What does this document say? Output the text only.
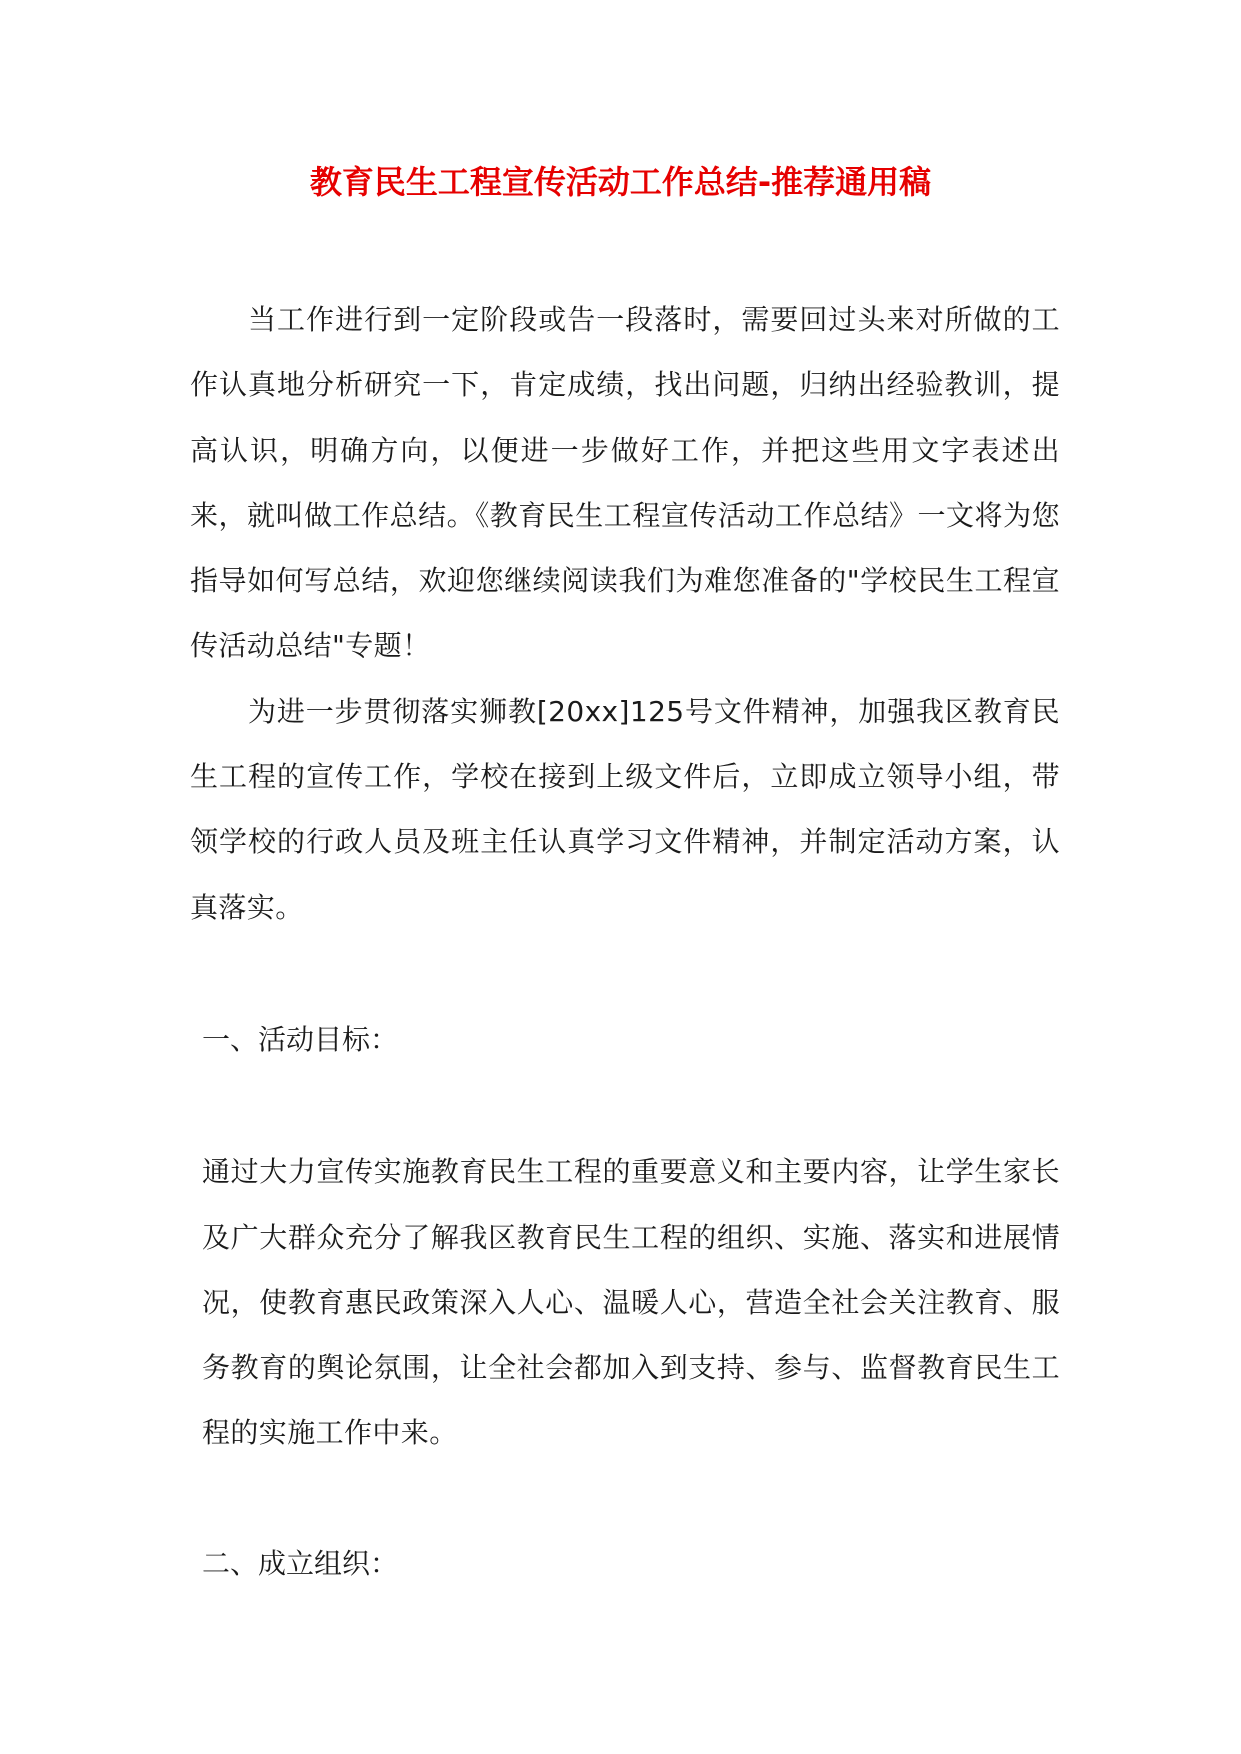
教育民生工程宣传活动工作总结-推荐通用稿

当工作进行到一定阶段或告一段落时，需要回过头来对所做的工作认真地分析研究一下，肯定成绩，找出问题，归纳出经验教训，提高认识，明确方向，以便进一步做好工作，并把这些用文字表述出来，就叫做工作总结。《教育民生工程宣传活动工作总结》一文将为您指导如何写总结，欢迎您继续阅读我们为难您准备的"学校民生工程宣传活动总结"专题！

为进一步贯彻落实狮教[20xx]125号文件精神，加强我区教育民生工程的宣传工作，学校在接到上级文件后，立即成立领导小组，带领学校的行政人员及班主任认真学习文件精神，并制定活动方案，认真落实。

一、活动目标：

通过大力宣传实施教育民生工程的重要意义和主要内容，让学生家长及广大群众充分了解我区教育民生工程的组织、实施、落实和进展情况，使教育惠民政策深入人心、温暖人心，营造全社会关注教育、服务教育的舆论氛围，让全社会都加入到支持、参与、监督教育民生工程的实施工作中来。

二、成立组织：
